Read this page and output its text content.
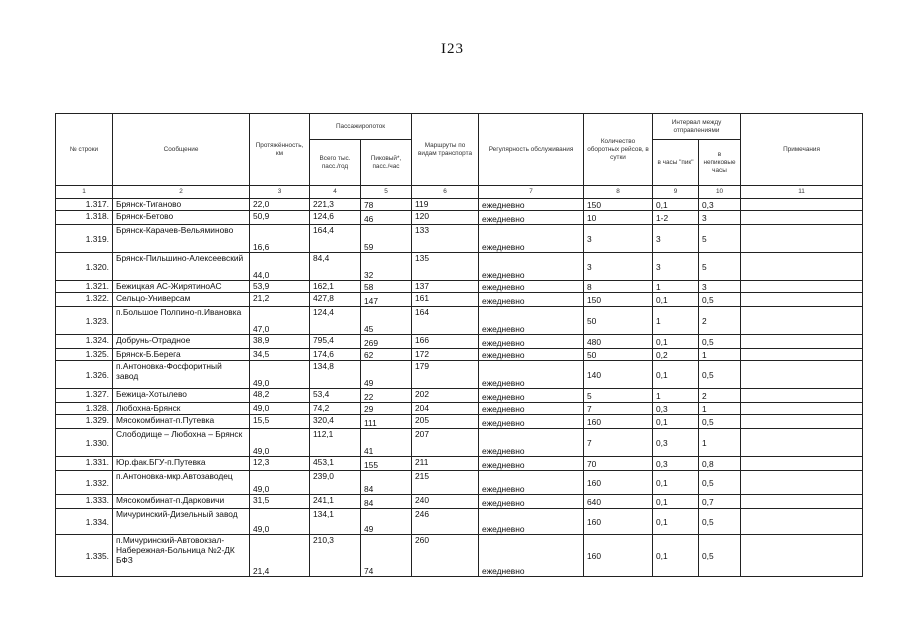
I23
№ строки	Сообщение	Протяжённость, км	Пассажиропоток		Маршруты по видам транспорта	Регулярность обслуживания	Количество оборотных рейсов, в сутки	Интервал между отправлениями		Примечания
			Всего тыс. пасс./год	Пиковый*, пасс./час				в часы "пик"	в непиковые часы	
1	2	3	4	5	6	7	8	9	10	11
1.317.	Брянск-Тиганово	22,0	221,3	78	119	ежедневно	150	0,1	0,3	
1.318.	Брянск-Бетово	50,9	124,6	46	120	ежедневно	10	1-2	3	
1.319.	Брянск-Карачев-Вельяминово	16,6	164,4	59	133	ежедневно	3	3	5	
1.320.	Брянск-Пильшино-Алексеевский	44,0	84,4	32	135	ежедневно	3	3	5	
1.321.	Бежицкая АС-ЖирятиноАС	53,9	162,1	58	137	ежедневно	8	1	3	
1.322.	Сельцо-Универсам	21,2	427,8	147	161	ежедневно	150	0,1	0,5	
1.323.	п.Большое Полпино-п.Ивановка	47,0	124,4	45	164	ежедневно	50	1	2	
1.324.	Добрунь-Отрадное	38,9	795,4	269	166	ежедневно	480	0,1	0,5	
1.325.	Брянск-Б.Берега	34,5	174,6	62	172	ежедневно	50	0,2	1	
1.326.	п.Антоновка-Фосфоритный завод	49,0	134,8	49	179	ежедневно	140	0,1	0,5	
1.327.	Бежица-Хотылево	48,2	53,4	22	202	ежедневно	5	1	2	
1.328.	Любохна-Брянск	49,0	74,2	29	204	ежедневно	7	0,3	1	
1.329.	Мясокомбинат-п.Путевка	15,5	320,4	111	205	ежедневно	160	0,1	0,5	
1.330.	Слободище – Любохна – Брянск	49,0	112,1	41	207	ежедневно	7	0,3	1	
1.331.	Юр.фак.БГУ-п.Путевка	12,3	453,1	155	211	ежедневно	70	0,3	0,8	
1.332.	п.Антоновка-мкр.Автозаводец	49,0	239,0	84	215	ежедневно	160	0,1	0,5	
1.333.	Мясокомбинат-п.Дарковичи	31,5	241,1	84	240	ежедневно	640	0,1	0,7	
1.334.	Мичуринский-Дизельный завод	49,0	134,1	49	246	ежедневно	160	0,1	0,5	
1.335.	п.Мичуринский-Автовокзал-Набережная-Больница №2-ДК БФЗ	21,4	210,3	74	260	ежедневно	160	0,1	0,5	
